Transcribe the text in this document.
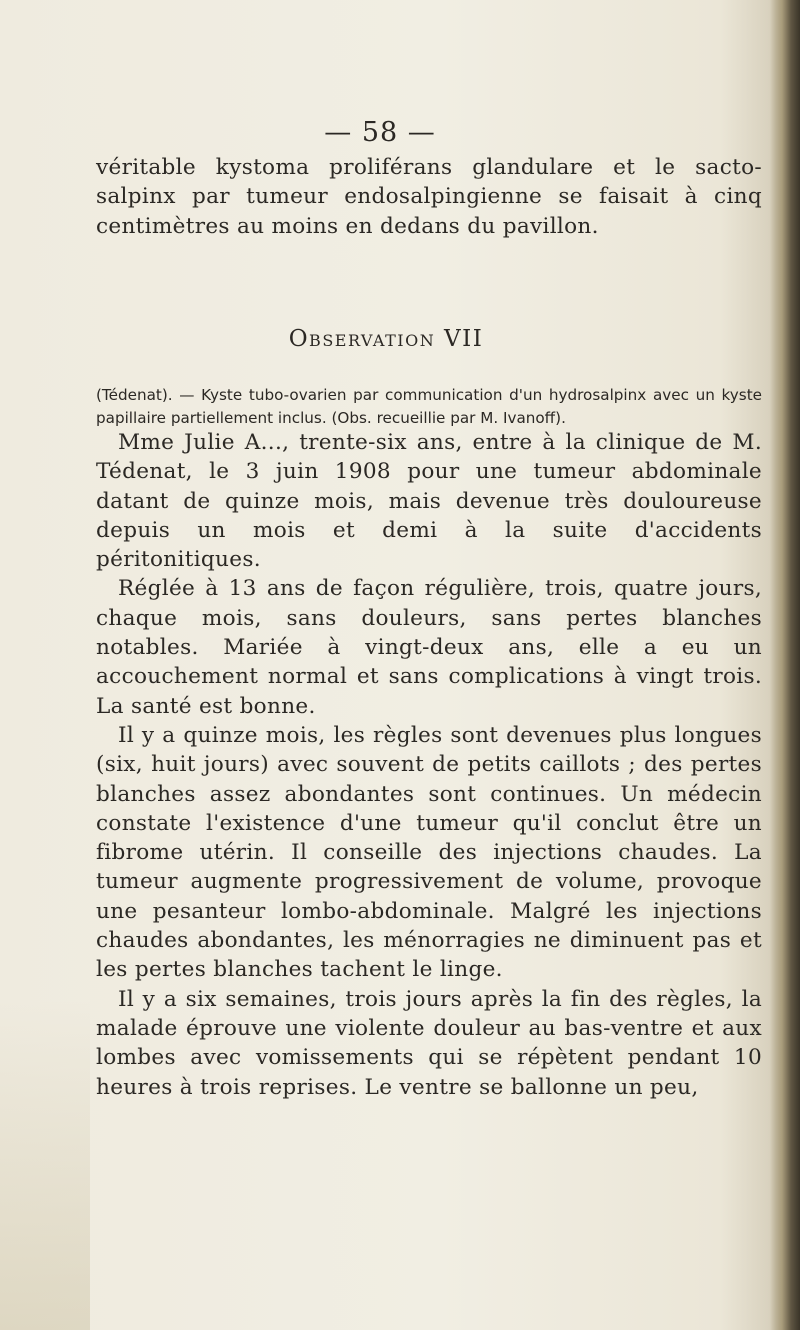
— 58 —

véritable kystoma proliférans glandulare et le sacto-salpinx par tumeur endosalpingienne se faisait à cinq centimètres au moins en dedans du pavillon.

Observation VII

(Tédenat). — Kyste tubo-ovarien par communication d'un hydrosalpinx avec un kyste papillaire partiellement inclus. (Obs. recueillie par M. Ivanoff).

Mme Julie A..., trente-six ans, entre à la clinique de M. Tédenat, le 3 juin 1908 pour une tumeur abdominale datant de quinze mois, mais devenue très douloureuse depuis un mois et demi à la suite d'accidents péritonitiques.

Réglée à 13 ans de façon régulière, trois, quatre jours, chaque mois, sans douleurs, sans pertes blanches notables. Mariée à vingt-deux ans, elle a eu un accouchement normal et sans complications à vingt trois. La santé est bonne.

Il y a quinze mois, les règles sont devenues plus longues (six, huit jours) avec souvent de petits caillots ; des pertes blanches assez abondantes sont continues. Un médecin constate l'existence d'une tumeur qu'il conclut être un fibrome utérin. Il conseille des injections chaudes. La tumeur augmente progressivement de volume, provoque une pesanteur lombo-abdominale. Malgré les injections chaudes abondantes, les ménorragies ne diminuent pas et les pertes blanches tachent le linge.

Il y a six semaines, trois jours après la fin des règles, la malade éprouve une violente douleur au bas-ventre et aux lombes avec vomissements qui se répètent pendant 10 heures à trois reprises. Le ventre se ballonne un peu,
